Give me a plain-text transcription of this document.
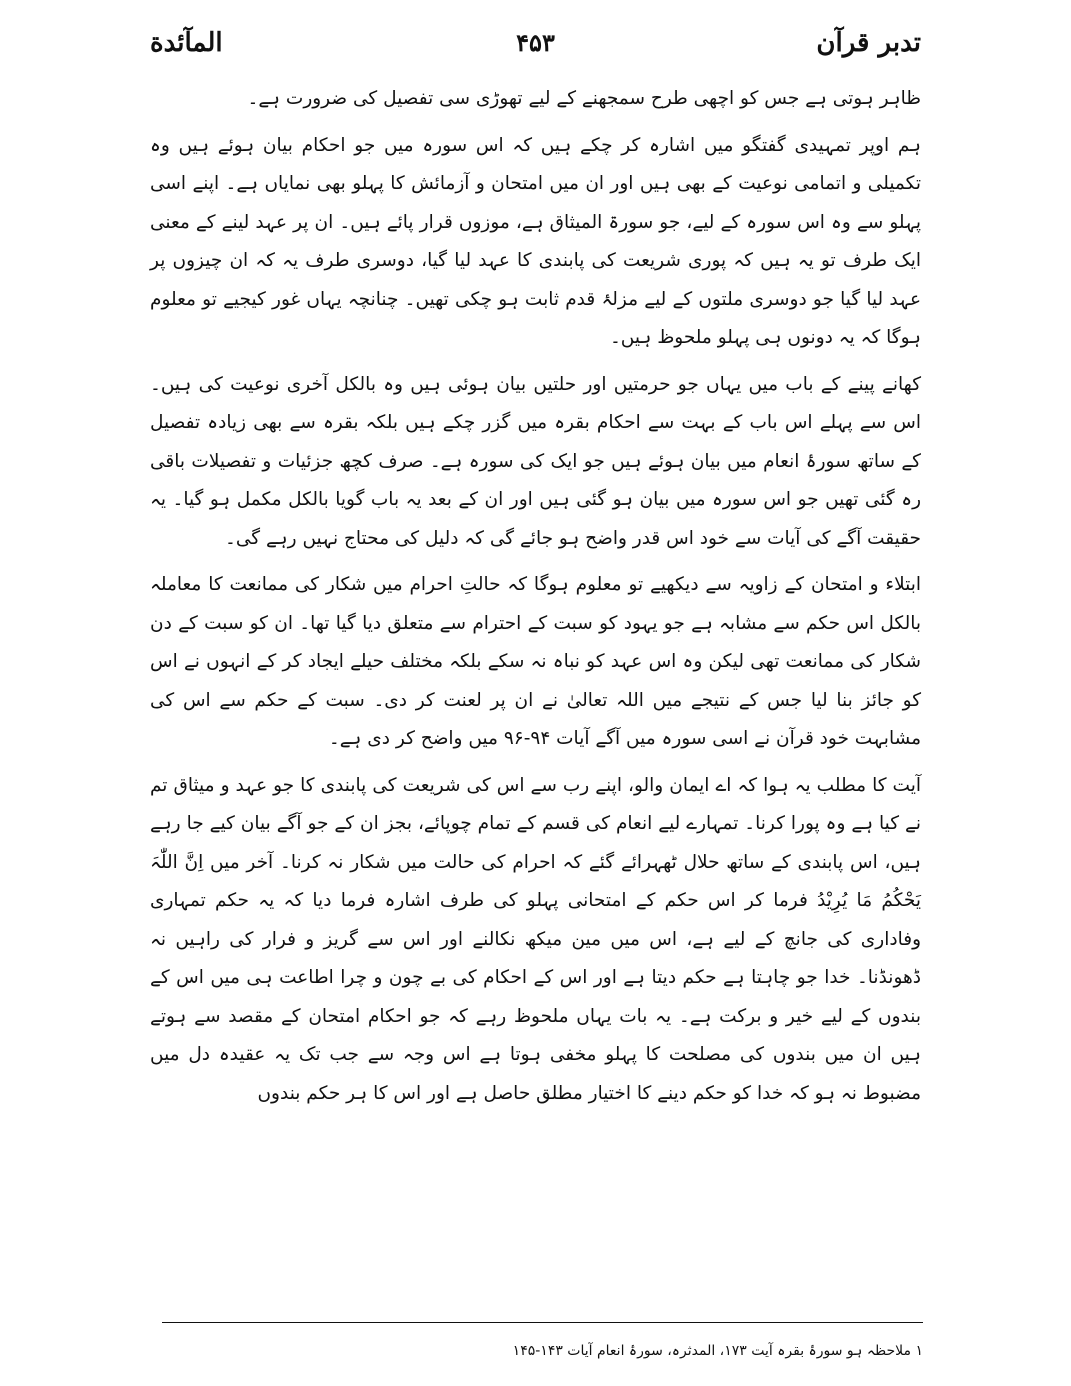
تدبر قرآن
۴۵۳
المآئدة

ظاہر ہوتی ہے جس کو اچھی طرح سمجھنے کے لیے تھوڑی سی تفصیل کی ضرورت ہے۔

ہم اوپر تمہیدی گفتگو میں اشارہ کر چکے ہیں کہ اس سورہ میں جو احکام بیان ہوئے ہیں وہ تکمیلی و اتمامی نوعیت کے بھی ہیں اور ان میں امتحان و آزمائش کا پہلو بھی نمایاں ہے۔ اپنے اسی پہلو سے وہ اس سورہ کے لیے، جو سورۃ المیثاق ہے، موزوں قرار پائے ہیں۔ ان پر عہد لینے کے معنی ایک طرف تو یہ ہیں کہ پوری شریعت کی پابندی کا عہد لیا گیا، دوسری طرف یہ کہ ان چیزوں پر عہد لیا گیا جو دوسری ملتوں کے لیے مزلۂ قدم ثابت ہو چکی تھیں۔ چنانچہ یہاں غور کیجیے تو معلوم ہوگا کہ یہ دونوں ہی پہلو ملحوظ ہیں۔

کھانے پینے کے باب میں یہاں جو حرمتیں اور حلتیں بیان ہوئی ہیں وہ بالکل آخری نوعیت کی ہیں۔ اس سے پہلے اس باب کے بہت سے احکام بقرہ میں گزر چکے ہیں بلکہ بقرہ سے بھی زیادہ تفصیل کے ساتھ سورۂ انعام میں بیان ہوئے ہیں جو ایک کی سورہ ہے۔ صرف کچھ جزئیات و تفصیلات باقی رہ گئی تھیں جو اس سورہ میں بیان ہو گئی ہیں اور ان کے بعد یہ باب گویا بالکل مکمل ہو گیا۔ یہ حقیقت آگے کی آیات سے خود اس قدر واضح ہو جائے گی کہ دلیل کی محتاج نہیں رہے گی۔

ابتلاء و امتحان کے زاویہ سے دیکھیے تو معلوم ہوگا کہ حالتِ احرام میں شکار کی ممانعت کا معاملہ بالکل اس حکم سے مشابہ ہے جو یہود کو سبت کے احترام سے متعلق دیا گیا تھا۔ ان کو سبت کے دن شکار کی ممانعت تھی لیکن وہ اس عہد کو نباہ نہ سکے بلکہ مختلف حیلے ایجاد کر کے انہوں نے اس کو جائز بنا لیا جس کے نتیجے میں اللہ تعالیٰ نے ان پر لعنت کر دی۔ سبت کے حکم سے اس کی مشابہت خود قرآن نے اسی سورہ میں آگے آیات ۹۴-۹۶ میں واضح کر دی ہے۔

آیت کا مطلب یہ ہوا کہ اے ایمان والو، اپنے رب سے اس کی شریعت کی پابندی کا جو عہد و میثاق تم نے کیا ہے وہ پورا کرنا۔ تمہارے لیے انعام کی قسم کے تمام چوپائے، بجز ان کے جو آگے بیان کیے جا رہے ہیں، اس پابندی کے ساتھ حلال ٹھہرائے گئے کہ احرام کی حالت میں شکار نہ کرنا۔ آخر میں اِنَّ اللّٰہَ یَحْکُمُ مَا یُرِیْدُ فرما کر اس حکم کے امتحانی پہلو کی طرف اشارہ فرما دیا کہ یہ حکم تمہاری وفاداری کی جانچ کے لیے ہے، اس میں مین میکھ نکالنے اور اس سے گریز و فرار کی راہیں نہ ڈھونڈنا۔ خدا جو چاہتا ہے حکم دیتا ہے اور اس کے احکام کی بے چون و چرا اطاعت ہی میں اس کے بندوں کے لیے خیر و برکت ہے۔ یہ بات یہاں ملحوظ رہے کہ جو احکام امتحان کے مقصد سے ہوتے ہیں ان میں بندوں کی مصلحت کا پہلو مخفی ہوتا ہے اس وجہ سے جب تک یہ عقیدہ دل میں مضبوط نہ ہو کہ خدا کو حکم دینے کا اختیار مطلق حاصل ہے اور اس کا ہر حکم بندوں

۱ ملاحظہ ہو سورۂ بقرہ آیت ۱۷۳، المدثرہ، سورۂ انعام آیات ۱۴۳-۱۴۵
